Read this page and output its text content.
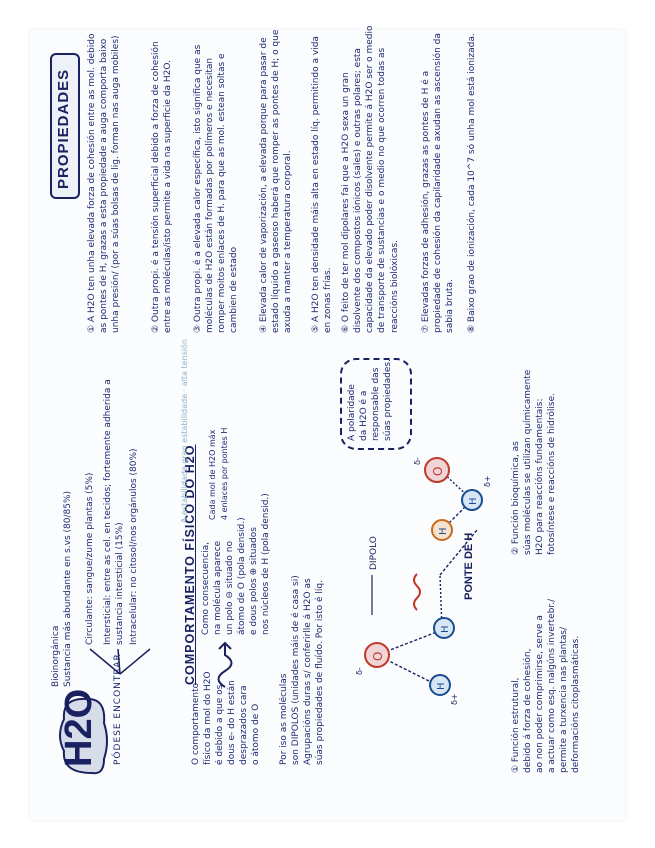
H2O
Bioinorgánica Sustancia más abundante en s.vs (80/85%)
PÓDESE ENCONTRAR
Circulante: sangue/zume plantas (5%) Intersticial: entre as cel. en tecidos; fortemente adherida a sustancia intersticial (15%) Intracelular: no citosol/nos orgánulos (80%)	COMPORTAMENTO FÍSICO DO H2O
O comportamento físico da mol do H2O é debido a que os dous e- do H están desprazados cara o átomo de O
Como consecuencia, na molécula aparece un polo ⊖ situado no átomo de O (pola densid.) e dous polos ⊕ situados nos núcleos de H (pola densid.)
Cada mol de H2O máx 4 enlaces por pontes H
A estabilidade gran estabilidade · alta tensión
Por iso as moléculas son DIPOLOS (unidades máis de é casa si) Agrupacións duras s/ conferirlle á H2O as súas propiedades de fluído. Por isto é líq.	O
H
H
H
H
O
DIPOLO	PONTE DE H
δ-
δ+
δ-
δ+
A polaridade da H2O é a responsable das súas propiedades.
① Función estrutural, debido á forza de cohesión, ao non poder comprimirse, serve a a actuar como esq. nalgúns invertebr./ permite a turxencia nas plantas/ deformacións citoplasmáticas.
② Función bioquímica, as súas moléculas se utilizan químicamente H2O para reaccións fundamentais: fotosíntese e reaccións de hidrólise.
PROPIEDADES ① A H2O ten unha elevada forza de cohesión entre as mol. debido as pontes de H, grazas a esta propiedade a auga comporta baixo unha presión/ (por a súas bolsas de lig. forman nas auga mobiles)	② Outra propi. é a tensión superficial debido a forza de cohesión entre as moléculas/isto permite a vida na superficie da H2O. ③ Outra propi. é a elevada calor específica, isto significa que as moléculas de H2O están formadas por polímeros e necesitan romper moitos enlaces de H. para que as mol. estean soltas e cambien de estado ④ Elevada calor de vaporización, a elevada porque para pasar de estado líquido a gaseoso haberá que romper as pontes de H; o que axuda a manter a temperatura corporal. ⑤ A H2O ten densidade máis alta en estado líq. permitindo a vida en zonas frías. ⑥ O feito de ter mol dipolares fai que a H2O sexa un gran disolvente dos compostos iónicos (sales) e outras polares; esta capacidade da elevado poder disolvente permite á H2O ser o medio de transporte de sustancias e o medio no que ocorren todas as reaccións biolóxicas. ⑦ Elevadas forzas de adhesión, grazas as pontes de H é a propiedade de cohesión da capilaridade e axudan as ascensión da sabia bruta. ⑧ Baixo grao de ionización, cada 10^7 só unha mol está ionizada.
